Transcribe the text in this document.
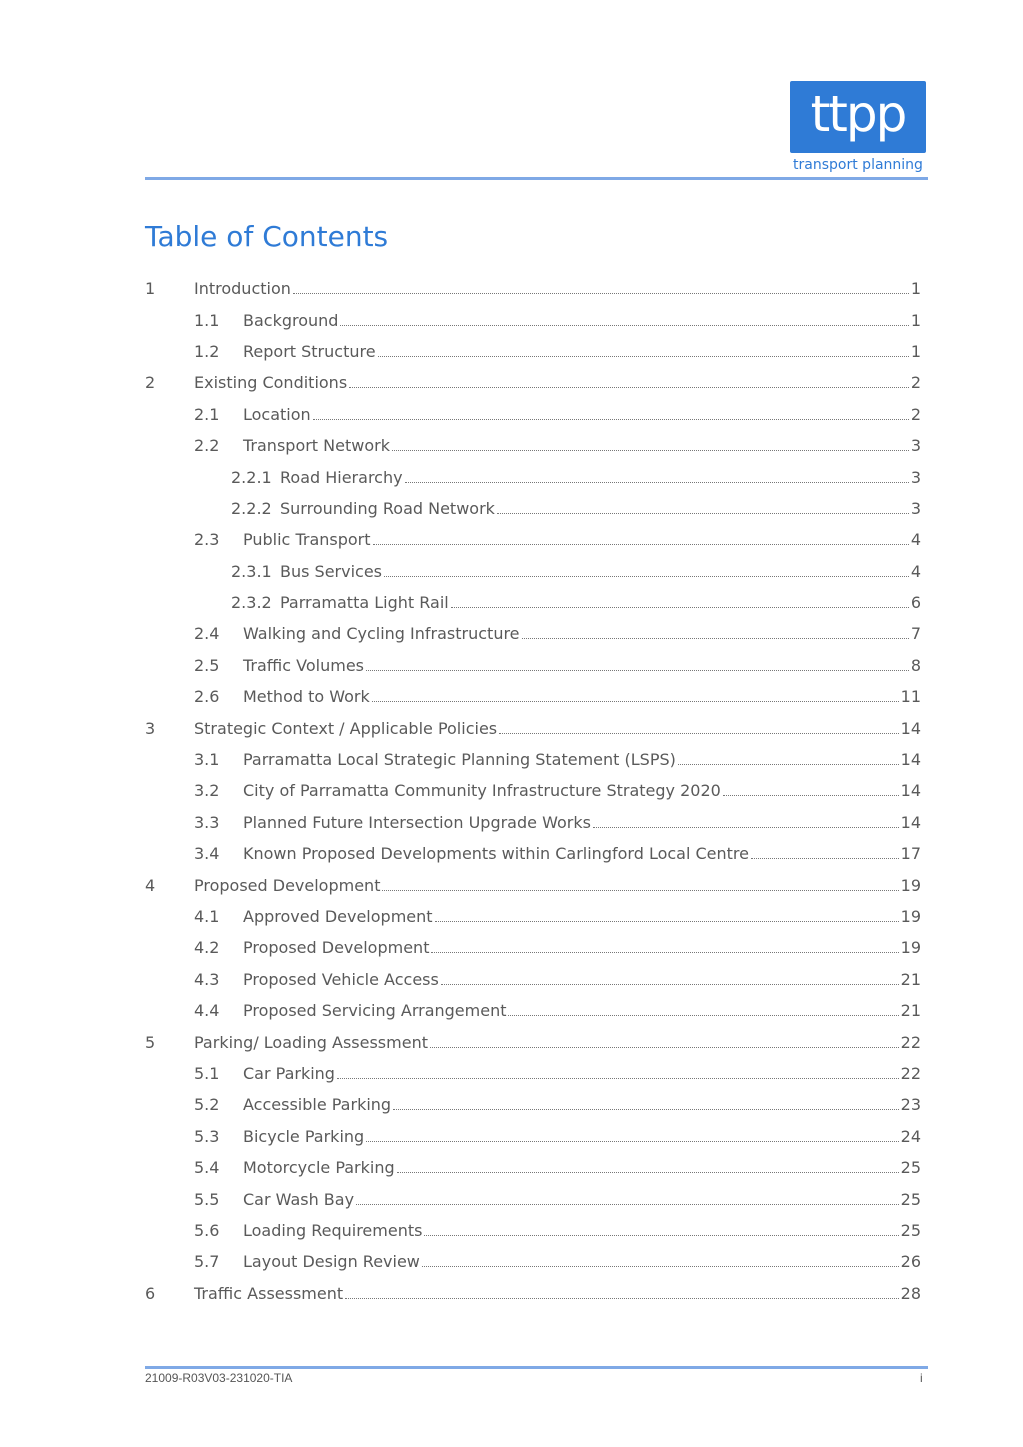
ttpp
transport planning
Table of Contents
1	Introduction	1
1.1	Background	1
1.2	Report Structure	1
2	Existing Conditions	2
2.1	Location	2
2.2	Transport Network	3
2.2.1 Road Hierarchy	3
2.2.2 Surrounding Road Network	3
2.3	Public Transport	4
2.3.1 Bus Services	4
2.3.2 Parramatta Light Rail	6
2.4	Walking and Cycling Infrastructure	7
2.5	Traffic Volumes	8
2.6	Method to Work	11
3	Strategic Context / Applicable Policies	14
3.1	Parramatta Local Strategic Planning Statement (LSPS)	14
3.2	City of Parramatta Community Infrastructure Strategy 2020	14
3.3	Planned Future Intersection Upgrade Works	14
3.4	Known Proposed Developments within Carlingford Local Centre	17
4	Proposed Development	19
4.1	Approved Development	19
4.2	Proposed Development	19
4.3	Proposed Vehicle Access	21
4.4	Proposed Servicing Arrangement	21
5	Parking/ Loading Assessment	22
5.1	Car Parking	22
5.2	Accessible Parking	23
5.3	Bicycle Parking	24
5.4	Motorcycle Parking	25
5.5	Car Wash Bay	25
5.6	Loading Requirements	25
5.7	Layout Design Review	26
6	Traffic Assessment	28
21009-R03V03-231020-TIA	i
